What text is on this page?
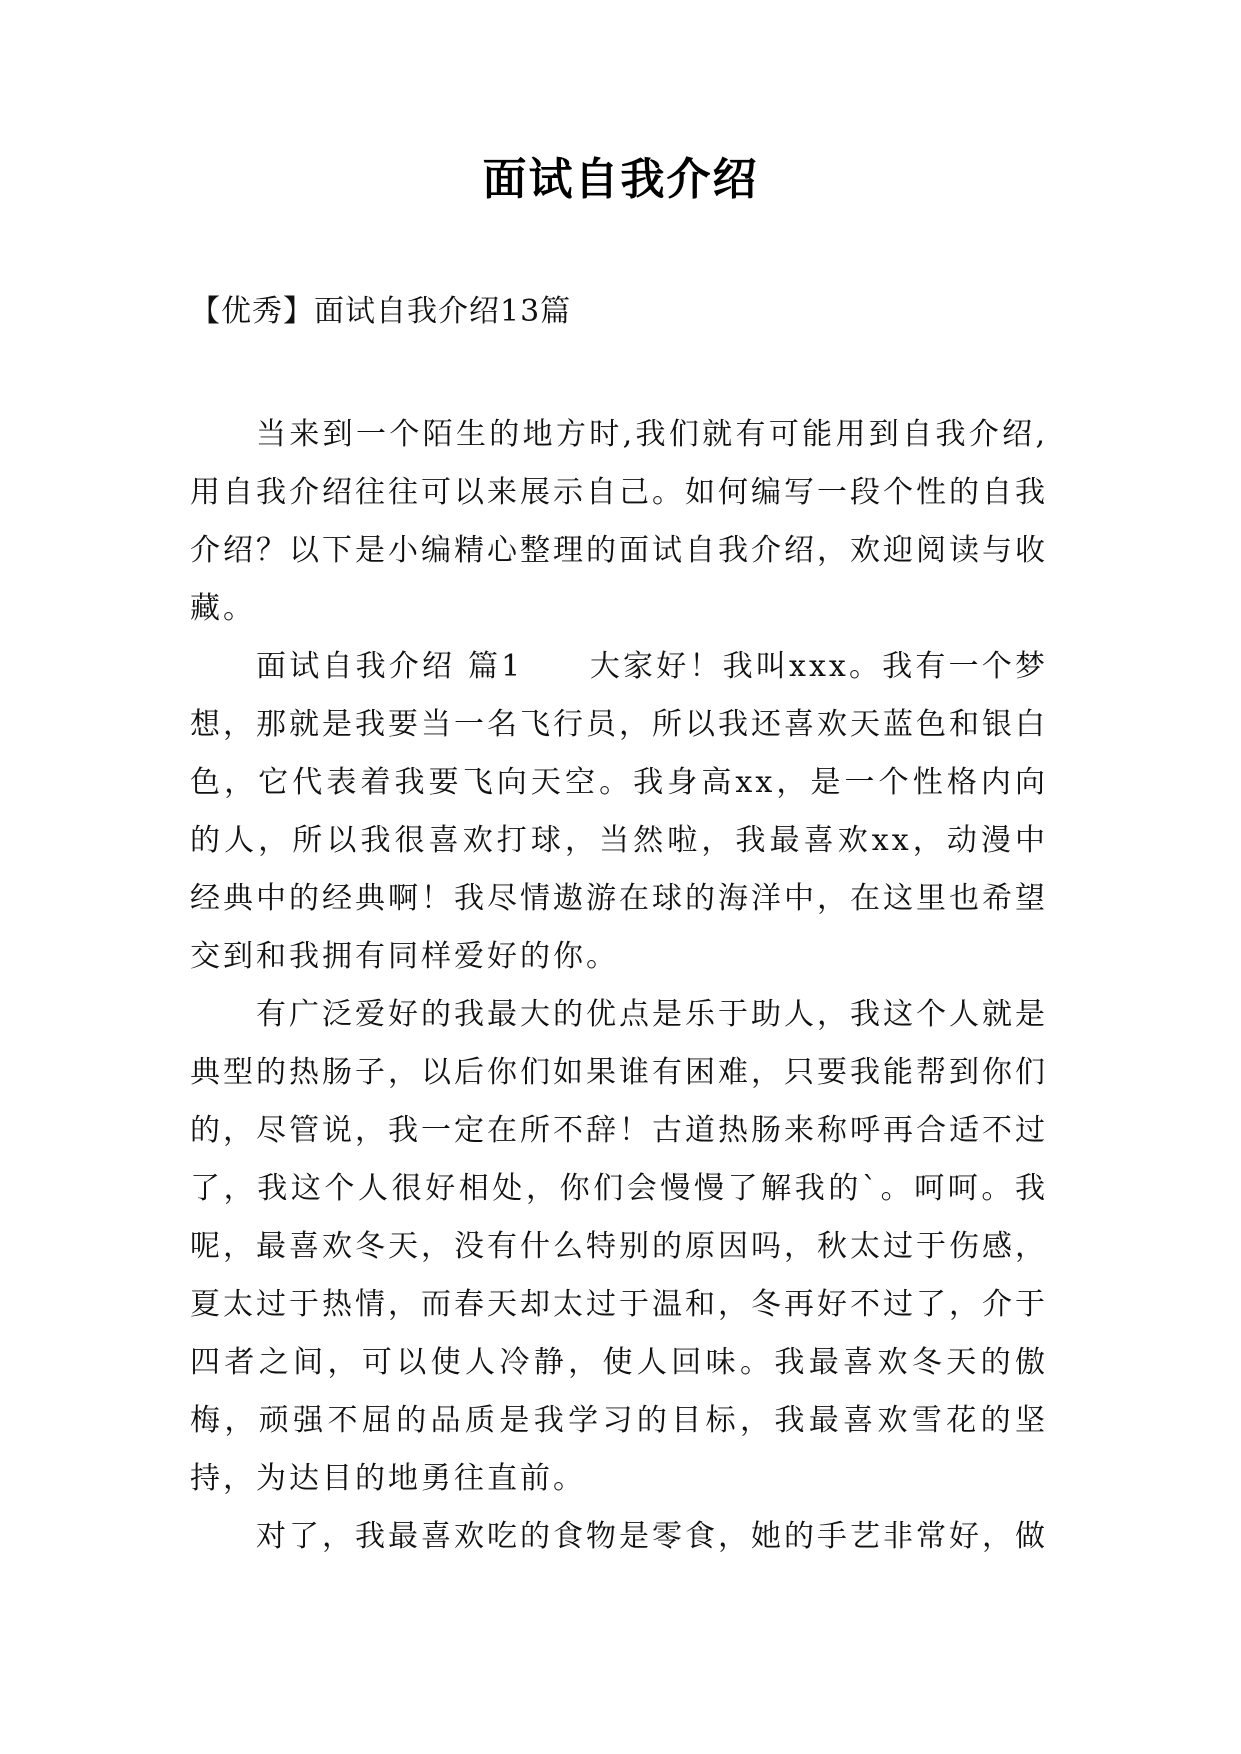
面试自我介绍
【优秀】面试自我介绍13篇

当来到一个陌生的地方时,我们就有可能用到自我介绍,用自我介绍往往可以来展示自己。如何编写一段个性的自我介绍？以下是小编精心整理的面试自我介绍，欢迎阅读与收藏。

面试自我介绍 篇1　　大家好！我叫xxx。我有一个梦想，那就是我要当一名飞行员，所以我还喜欢天蓝色和银白色，它代表着我要飞向天空。我身高xx，是一个性格内向的人，所以我很喜欢打球，当然啦，我最喜欢xx，动漫中经典中的经典啊！我尽情遨游在球的海洋中，在这里也希望交到和我拥有同样爱好的你。

有广泛爱好的我最大的优点是乐于助人，我这个人就是典型的热肠子，以后你们如果谁有困难，只要我能帮到你们的，尽管说，我一定在所不辞！古道热肠来称呼再合适不过了，我这个人很好相处，你们会慢慢了解我的`。呵呵。我呢，最喜欢冬天，没有什么特别的原因吗，秋太过于伤感，夏太过于热情，而春天却太过于温和，冬再好不过了，介于四者之间，可以使人冷静，使人回味。我最喜欢冬天的傲梅，顽强不屈的品质是我学习的目标，我最喜欢雪花的坚持，为达目的地勇往直前。

对了，我最喜欢吃的食物是零食，她的手艺非常好，做
